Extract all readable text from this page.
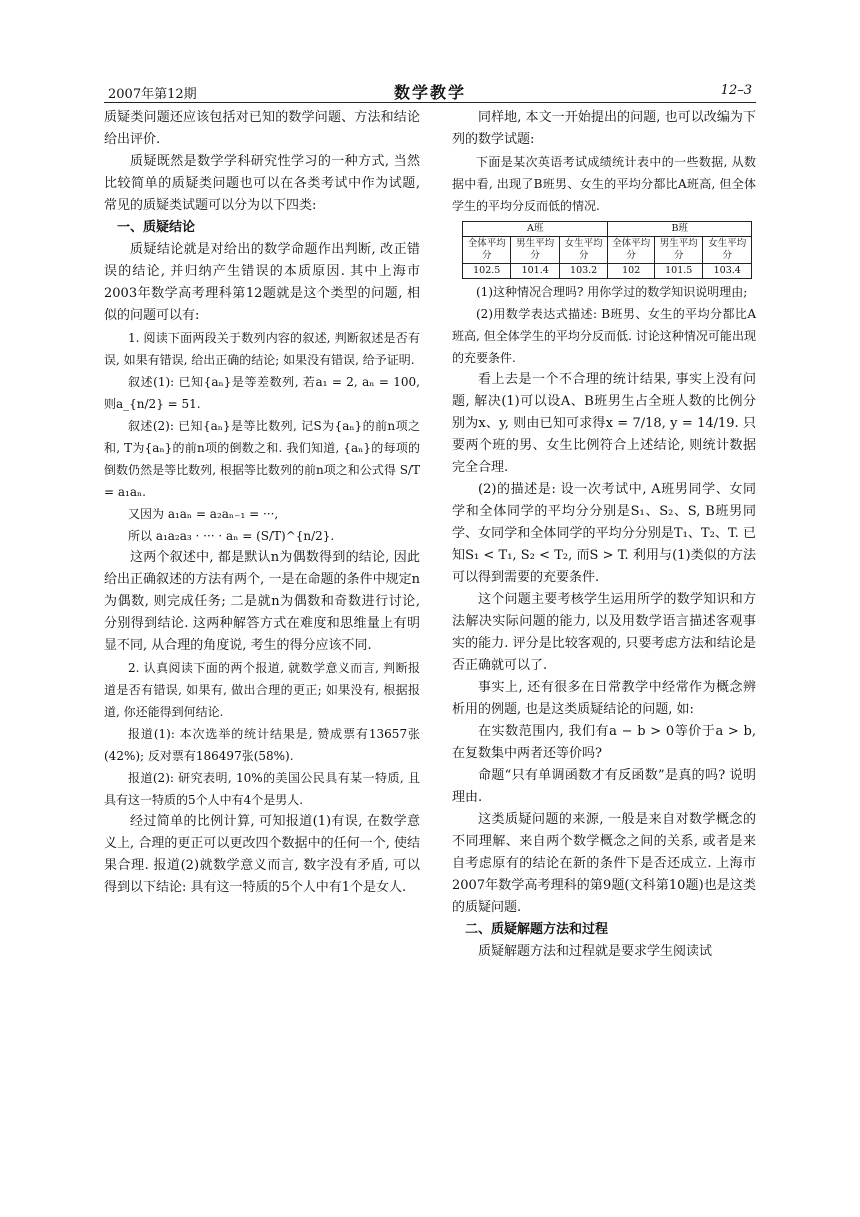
2007年第12期	数学教学	12–3

质疑类问题还应该包括对已知的数学问题、方法和结论给出评价.

质疑既然是数学学科研究性学习的一种方式, 当然比较简单的质疑类问题也可以在各类考试中作为试题, 常见的质疑类试题可以分为以下四类:

一、质疑结论

质疑结论就是对给出的数学命题作出判断, 改正错误的结论, 并归纳产生错误的本质原因. 其中上海市2003年数学高考理科第12题就是这个类型的问题, 相似的问题可以有:

1. 阅读下面两段关于数列内容的叙述, 判断叙述是否有误, 如果有错误, 给出正确的结论; 如果没有错误, 给予证明.

叙述(1): 已知{aₙ}是等差数列, 若a₁ = 2, aₙ = 100, 则a_{n/2} = 51.

叙述(2): 已知{aₙ}是等比数列, 记S为{aₙ}的前n项之和, T为{aₙ}的前n项的倒数之和. 我们知道, {aₙ}的每项的倒数仍然是等比数列, 根据等比数列的前n项之和公式得 S/T = a₁aₙ.

又因为 a₁aₙ = a₂aₙ₋₁ = ···,

所以 a₁a₂a₃ · ··· · aₙ = (S/T)^{n/2}.

这两个叙述中, 都是默认n为偶数得到的结论, 因此给出正确叙述的方法有两个, 一是在命题的条件中规定n为偶数, 则完成任务; 二是就n为偶数和奇数进行讨论, 分别得到结论. 这两种解答方式在难度和思维量上有明显不同, 从合理的角度说, 考生的得分应该不同.

2. 认真阅读下面的两个报道, 就数学意义而言, 判断报道是否有错误, 如果有, 做出合理的更正; 如果没有, 根据报道, 你还能得到何结论.

报道(1): 本次选举的统计结果是, 赞成票有13657张(42%); 反对票有186497张(58%).

报道(2): 研究表明, 10%的美国公民具有某一特质, 且具有这一特质的5个人中有4个是男人.

经过简单的比例计算, 可知报道(1)有误, 在数学意义上, 合理的更正可以更改四个数据中的任何一个, 使结果合理. 报道(2)就数学意义而言, 数字没有矛盾, 可以得到以下结论: 具有这一特质的5个人中有1个是女人.

同样地, 本文一开始提出的问题, 也可以改编为下列的数学试题:

下面是某次英语考试成绩统计表中的一些数据, 从数据中看, 出现了B班男、女生的平均分都比A班高, 但全体学生的平均分反而低的情况.

A班			B班		
全体平均分	男生平均分	女生平均分	全体平均分	男生平均分	女生平均分
102.5	101.4	103.2	102	101.5	103.4

(1)这种情况合理吗? 用你学过的数学知识说明理由;

(2)用数学表达式描述: B班男、女生的平均分都比A班高, 但全体学生的平均分反而低. 讨论这种情况可能出现的充要条件.

看上去是一个不合理的统计结果, 事实上没有问题, 解决(1)可以设A、B班男生占全班人数的比例分别为x、y, 则由已知可求得x = 7/18, y = 14/19. 只要两个班的男、女生比例符合上述结论, 则统计数据完全合理.

(2)的描述是: 设一次考试中, A班男同学、女同学和全体同学的平均分分别是S₁、S₂、S, B班男同学、女同学和全体同学的平均分分别是T₁、T₂、T. 已知S₁ < T₁, S₂ < T₂, 而S > T. 利用与(1)类似的方法可以得到需要的充要条件.

这个问题主要考核学生运用所学的数学知识和方法解决实际问题的能力, 以及用数学语言描述客观事实的能力. 评分是比较客观的, 只要考虑方法和结论是否正确就可以了.

事实上, 还有很多在日常教学中经常作为概念辨析用的例题, 也是这类质疑结论的问题, 如:

在实数范围内, 我们有a − b > 0等价于a > b, 在复数集中两者还等价吗?

命题“只有单调函数才有反函数”是真的吗? 说明理由.

这类质疑问题的来源, 一般是来自对数学概念的不同理解、来自两个数学概念之间的关系, 或者是来自考虑原有的结论在新的条件下是否还成立. 上海市2007年数学高考理科的第9题(文科第10题)也是这类的质疑问题.

二、质疑解题方法和过程

质疑解题方法和过程就是要求学生阅读试
